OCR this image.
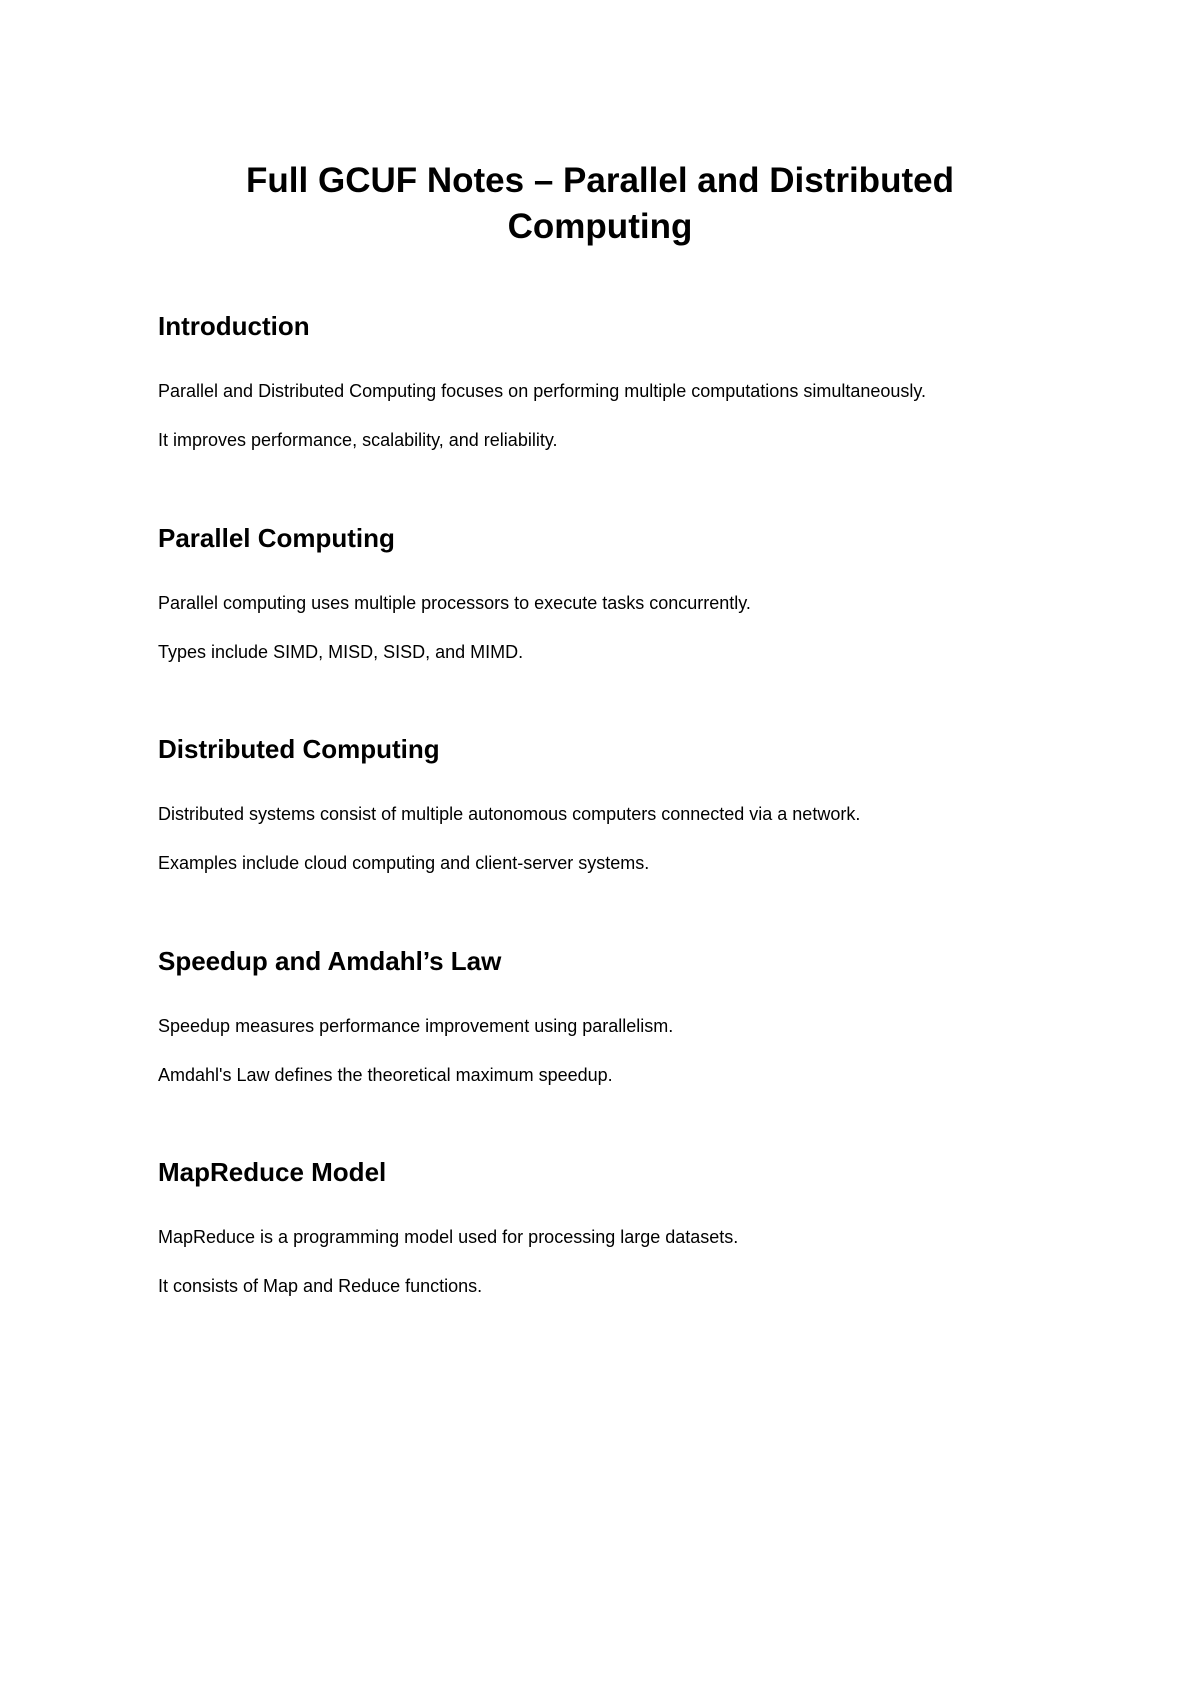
Full GCUF Notes – Parallel and Distributed Computing
Introduction

Parallel and Distributed Computing focuses on performing multiple computations simultaneously.

It improves performance, scalability, and reliability.

Parallel Computing

Parallel computing uses multiple processors to execute tasks concurrently.

Types include SIMD, MISD, SISD, and MIMD.

Distributed Computing

Distributed systems consist of multiple autonomous computers connected via a network.

Examples include cloud computing and client-server systems.

Speedup and Amdahl’s Law

Speedup measures performance improvement using parallelism.

Amdahl's Law defines the theoretical maximum speedup.

MapReduce Model

MapReduce is a programming model used for processing large datasets.

It consists of Map and Reduce functions.
